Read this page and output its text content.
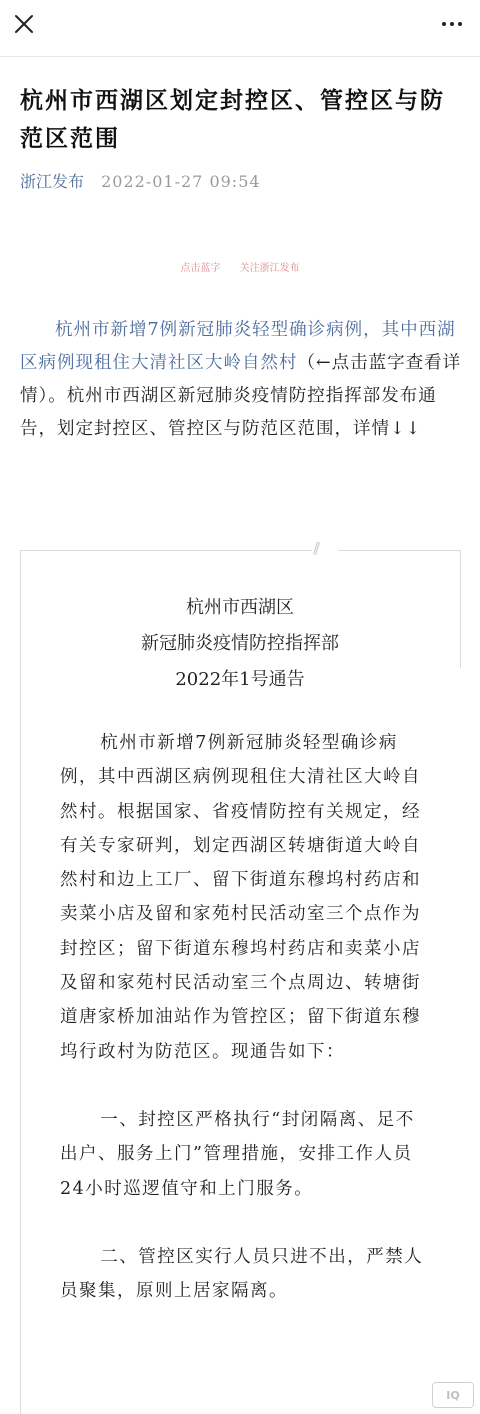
杭州市西湖区划定封控区、管控区与防范区范围
浙江发布 2022-01-27 09:54
点击蓝字 关注浙江发布
杭州市新增7例新冠肺炎轻型确诊病例，其中西湖区病例现租住大清社区大岭自然村（←点击蓝字查看详情）。杭州市西湖区新冠肺炎疫情防控指挥部发布通告，划定封控区、管控区与防范区范围，详情↓↓
//
杭州市西湖区
新冠肺炎疫情防控指挥部
2022年1号通告

杭州市新增7例新冠肺炎轻型确诊病例，其中西湖区病例现租住大清社区大岭自然村。根据国家、省疫情防控有关规定，经有关专家研判，划定西湖区转塘街道大岭自然村和边上工厂、留下街道东穆坞村药店和卖菜小店及留和家苑村民活动室三个点作为封控区；留下街道东穆坞村药店和卖菜小店及留和家苑村民活动室三个点周边、转塘街道唐家桥加油站作为管控区；留下街道东穆坞行政村为防范区。现通告如下：

一、封控区严格执行“封闭隔离、足不出户、服务上门”管理措施，安排工作人员24小时巡逻值守和上门服务。

二、管控区实行人员只进不出，严禁人员聚集，原则上居家隔离。

IQ
